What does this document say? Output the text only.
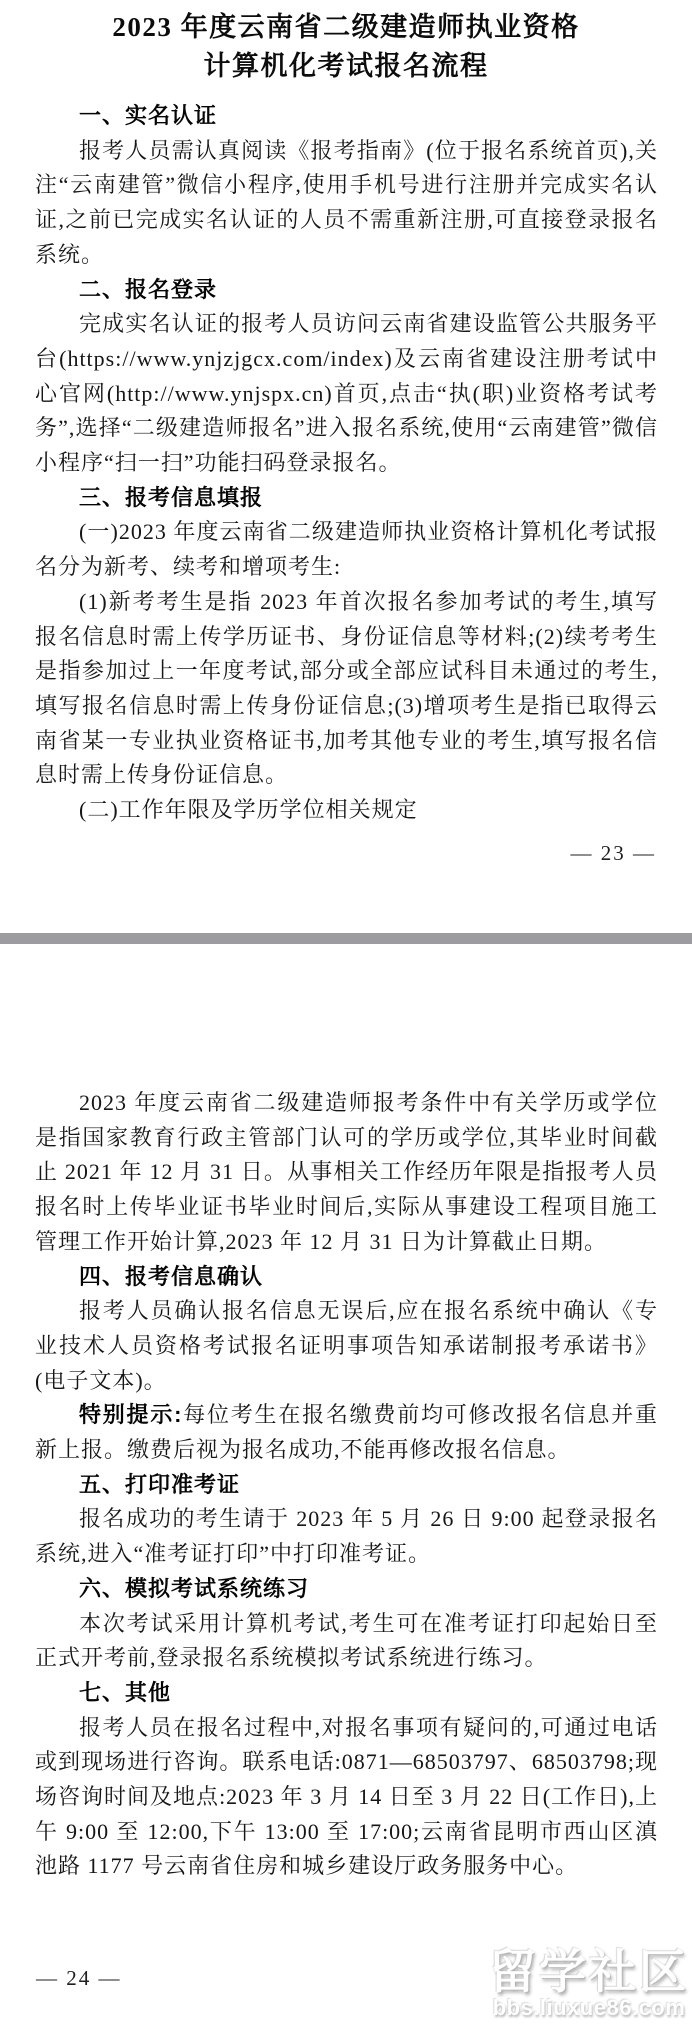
2023 年度云南省二级建造师执业资格
计算机化考试报名流程
一、实名认证

报考人员需认真阅读《报考指南》(位于报名系统首页),关注“云南建管”微信小程序,使用手机号进行注册并完成实名认证,之前已完成实名认证的人员不需重新注册,可直接登录报名系统。

二、报名登录

完成实名认证的报考人员访问云南省建设监管公共服务平台(https://www.ynjzjgcx.com/index)及云南省建设注册考试中心官网(http://www.ynjspx.cn)首页,点击“执(职)业资格考试考务”,选择“二级建造师报名”进入报名系统,使用“云南建管”微信小程序“扫一扫”功能扫码登录报名。

三、报考信息填报

(一)2023 年度云南省二级建造师执业资格计算机化考试报名分为新考、续考和增项考生:

(1)新考考生是指 2023 年首次报名参加考试的考生,填写报名信息时需上传学历证书、身份证信息等材料;(2)续考考生是指参加过上一年度考试,部分或全部应试科目未通过的考生,填写报名信息时需上传身份证信息;(3)增项考生是指已取得云南省某一专业执业资格证书,加考其他专业的考生,填写报名信息时需上传身份证信息。

(二)工作年限及学历学位相关规定

— 23 —

2023 年度云南省二级建造师报考条件中有关学历或学位是指国家教育行政主管部门认可的学历或学位,其毕业时间截止 2021 年 12 月 31 日。从事相关工作经历年限是指报考人员报名时上传毕业证书毕业时间后,实际从事建设工程项目施工管理工作开始计算,2023 年 12 月 31 日为计算截止日期。

四、报考信息确认

报考人员确认报名信息无误后,应在报名系统中确认《专业技术人员资格考试报名证明事项告知承诺制报考承诺书》(电子文本)。

特别提示:每位考生在报名缴费前均可修改报名信息并重新上报。缴费后视为报名成功,不能再修改报名信息。

五、打印准考证

报名成功的考生请于 2023 年 5 月 26 日 9:00 起登录报名系统,进入“准考证打印”中打印准考证。

六、模拟考试系统练习

本次考试采用计算机考试,考生可在准考证打印起始日至正式开考前,登录报名系统模拟考试系统进行练习。

七、其他

报考人员在报名过程中,对报名事项有疑问的,可通过电话或到现场进行咨询。联系电话:0871—68503797、68503798;现场咨询时间及地点:2023 年 3 月 14 日至 3 月 22 日(工作日),上午 9:00 至 12:00,下午 13:00 至 17:00;云南省昆明市西山区滇池路 1177 号云南省住房和城乡建设厅政务服务中心。

— 24 —	留学社区
bbs.liuxue86.com
